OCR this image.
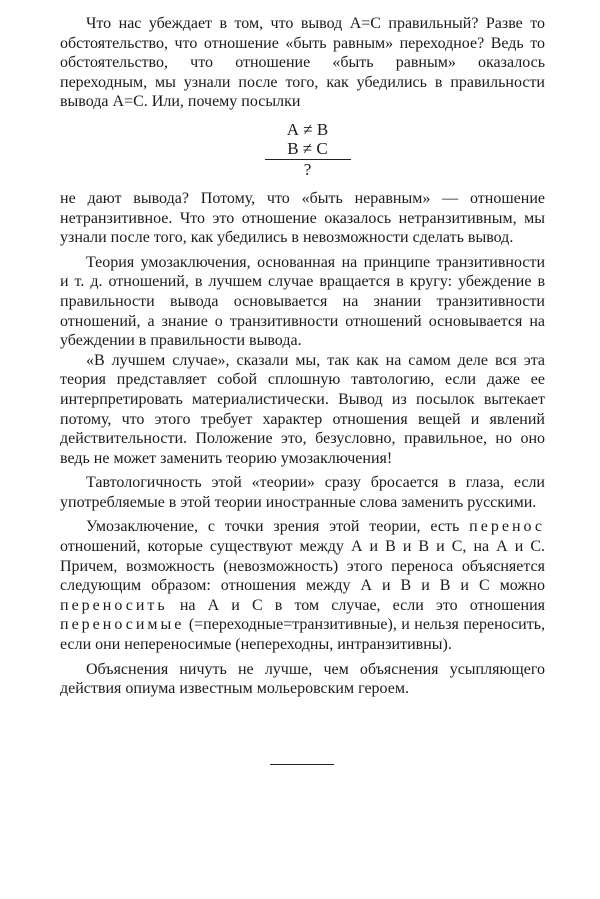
Что нас убеждает в том, что вывод А=С правильный? Разве то обстоятельство, что отношение «быть равным» переходное? Ведь то обстоятельство, что отношение «быть равным» оказалось переходным, мы узнали после того, как убедились в правильности вывода А=С. Или, почему посылки

А ≠ В
В ≠ С
?

не дают вывода? Потому, что «быть неравным» — отношение нетранзитивное. Что это отношение оказалось нетранзитивным, мы узнали после того, как убедились в невозможности сделать вывод.

Теория умозаключения, основанная на принципе транзитивности и т. д. отношений, в лучшем случае вращается в кругу: убеждение в правильности вывода основывается на знании транзитивности отношений, а знание о транзитивности отношений основывается на убеждении в правильности вывода.

«В лучшем случае», сказали мы, так как на самом деле вся эта теория представляет собой сплошную тавтологию, если даже ее интерпретировать материалистически. Вывод из посылок вытекает потому, что этого требует характер отношения вещей и явлений действительности. Положение это, безусловно, правильное, но оно ведь не может заменить теорию умозаключения!

Тавтологичность этой «теории» сразу бросается в глаза, если употребляемые в этой теории иностранные слова заменить русскими.

Умозаключение, с точки зрения этой теории, есть перенос отношений, которые существуют между А и В и В и С, на А и С. Причем, возможность (невозможность) этого переноса объясняется следующим образом: отношения между А и В и В и С можно переносить на А и С в том случае, если это отношения переносимые (=переходные=транзитивные), и нельзя переносить, если они непереносимые (непереходны, интранзитивны).

Объяснения ничуть не лучше, чем объяснения усыпляющего действия опиума известным мольеровским героем.
